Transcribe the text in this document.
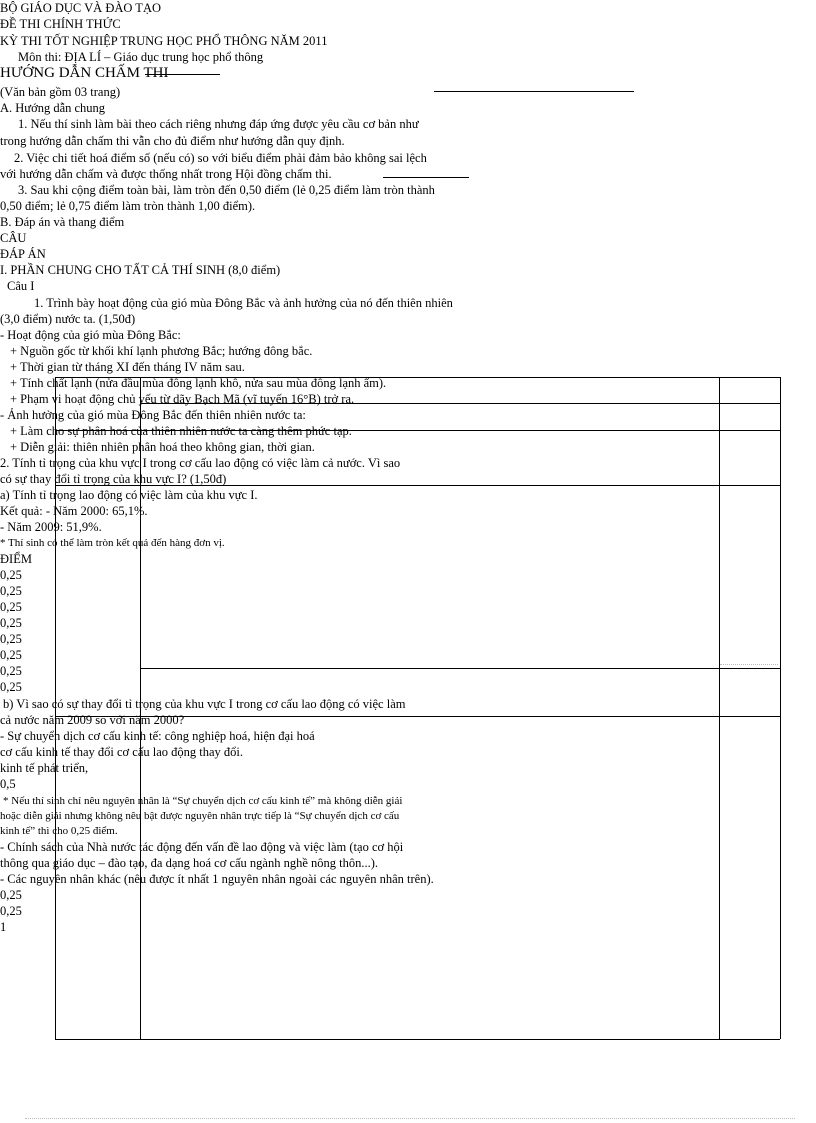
BỘ GIÁO DỤC VÀ ĐÀO TẠO
ĐỀ THI CHÍNH THỨC
KỲ THI TỐT NGHIỆP TRUNG HỌC PHỔ THÔNG NĂM 2011
Môn thi: ĐỊA LÍ – Giáo dục trung học phổ thông
HƯỚNG DẪN CHẤM THI
(Văn bản gồm 03 trang)
A. Hướng dẫn chung
1. Nếu thí sinh làm bài theo cách riêng nhưng đáp ứng được yêu cầu cơ bản như
trong hướng dẫn chấm thi vẫn cho đủ điểm như hướng dẫn quy định.
2. Việc chi tiết hoá điểm số (nếu có) so với biểu điểm phải đảm bảo không sai lệch
với hướng dẫn chấm và được thống nhất trong Hội đồng chấm thi.
3. Sau khi cộng điểm toàn bài, làm tròn đến 0,50 điểm (lẻ 0,25 điểm làm tròn thành
0,50 điểm; lẻ 0,75 điểm làm tròn thành 1,00 điểm).
B. Đáp án và thang điểm
CÂU
ĐÁP ÁN
I. PHẦN CHUNG CHO TẤT CẢ THÍ SINH (8,0 điểm)
Câu I
1. Trình bày hoạt động của gió mùa Đông Bắc và ảnh hưởng của nó đến thiên nhiên
(3,0 điểm) nước ta. (1,50đ)
- Hoạt động của gió mùa Đông Bắc:
+ Nguồn gốc từ khối khí lạnh phương Bắc; hướng đông bắc.
+ Thời gian từ tháng XI đến tháng IV năm sau.
+ Tính chất lạnh (nửa đầu mùa đông lạnh khô, nửa sau mùa đông lạnh ẩm).
+ Phạm vi hoạt động chủ yếu từ dãy Bạch Mã (vĩ tuyến 16°B) trở ra.
- Ảnh hưởng của gió mùa Đông Bắc đến thiên nhiên nước ta:
+ Làm cho sự phân hoá của thiên nhiên nước ta càng thêm phức tạp.
+ Diễn giải: thiên nhiên phân hoá theo không gian, thời gian.
2. Tính tỉ trọng của khu vực I trong cơ cấu lao động có việc làm cả nước. Vì sao
có sự thay đổi tỉ trọng của khu vực I? (1,50đ)
a) Tính tỉ trọng lao động có việc làm của khu vực I.
Kết quả: - Năm 2000: 65,1%.
- Năm 2009: 51,9%.
* Thí sinh có thể làm tròn kết quả đến hàng đơn vị.
ĐIỂM
0,25
0,25
0,25
0,25
0,25
0,25
0,25
0,25
b) Vì sao có sự thay đổi tỉ trọng của khu vực I trong cơ cấu lao động có việc làm
cả nước năm 2009 so với năm 2000?
- Sự chuyển dịch cơ cấu kinh tế: công nghiệp hoá, hiện đại hoá
cơ cấu kinh tế thay đổi cơ cấu lao động thay đổi.
kinh tế phát triển,
0,5
* Nếu thí sinh chỉ nêu nguyên nhân là “Sự chuyển dịch cơ cấu kinh tế” mà không diễn giải
hoặc diễn giải nhưng không nêu bật được nguyên nhân trực tiếp là “Sự chuyển dịch cơ cấu
kinh tế” thì cho 0,25 điểm.
- Chính sách của Nhà nước tác động đến vấn đề lao động và việc làm (tạo cơ hội
thông qua giáo dục – đào tạo, đa dạng hoá cơ cấu ngành nghề nông thôn...).
- Các nguyên nhân khác (nêu được ít nhất 1 nguyên nhân ngoài các nguyên nhân trên).
0,25
0,25
1
